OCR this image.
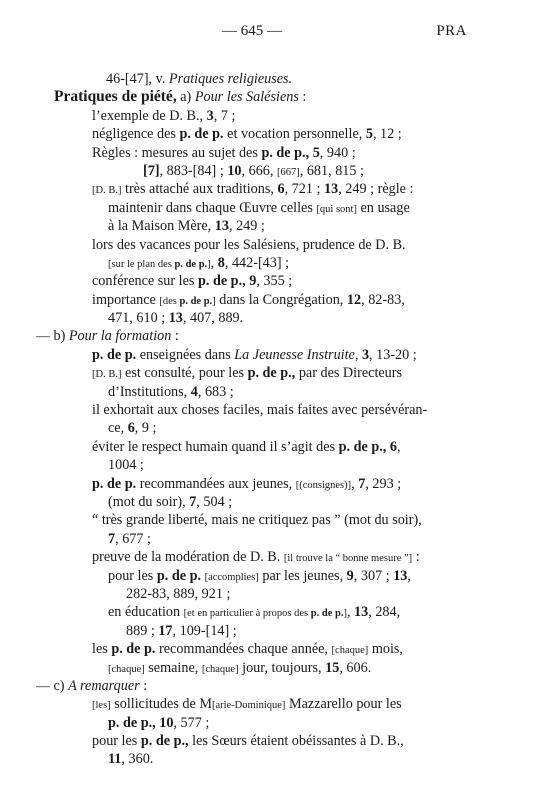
— 645 —	PRA
46-[47], v. Pratiques religieuses.
Pratiques de piété, a) Pour les Salésiens :
l’exemple de D. B., 3, 7 ;
négligence des p. de p. et vocation personnelle, 5, 12 ;
Règles : mesures au sujet des p. de p., 5, 940 ;
[7], 883-[84] ; 10, 666, [667], 681, 815 ;
[D. B.] très attaché aux traditions, 6, 721 ; 13, 249 ; règle :
maintenir dans chaque Œuvre celles [qui sont] en usage
à la Maison Mère, 13, 249 ;
lors des vacances pour les Salésiens, prudence de D. B.
[sur le plan des p. de p.], 8, 442-[43] ;
conférence sur les p. de p., 9, 355 ;
importance [des p. de p.] dans la Congrégation, 12, 82-83,
471, 610 ; 13, 407, 889.
— b) Pour la formation :
p. de p. enseignées dans La Jeunesse Instruite, 3, 13-20 ;
[D. B.] est consulté, pour les p. de p., par des Directeurs
d’Institutions, 4, 683 ;
il exhortait aux choses faciles, mais faites avec persévéran-
ce, 6, 9 ;
éviter le respect humain quand il s’agit des p. de p., 6,
1004 ;
p. de p. recommandées aux jeunes, [(consignes)], 7, 293 ;
(mot du soir), 7, 504 ;
“ très grande liberté, mais ne critiquez pas ” (mot du soir),
7, 677 ;
preuve de la modération de D. B. [il trouve la “ bonne mesure ”] :
pour les p. de p. [accomplies] par les jeunes, 9, 307 ; 13,
282-83, 889, 921 ;
en éducation [et en particulier à propos des p. de p.], 13, 284,
889 ; 17, 109-[14] ;
les p. de p. recommandées chaque année, [chaque] mois,
[chaque] semaine, [chaque] jour, toujours, 15, 606.
— c) A remarquer :
[les] sollicitudes de M[arie-Dominique] Mazzarello pour les
p. de p., 10, 577 ;
pour les p. de p., les Sœurs étaient obéissantes à D. B.,
11, 360.
